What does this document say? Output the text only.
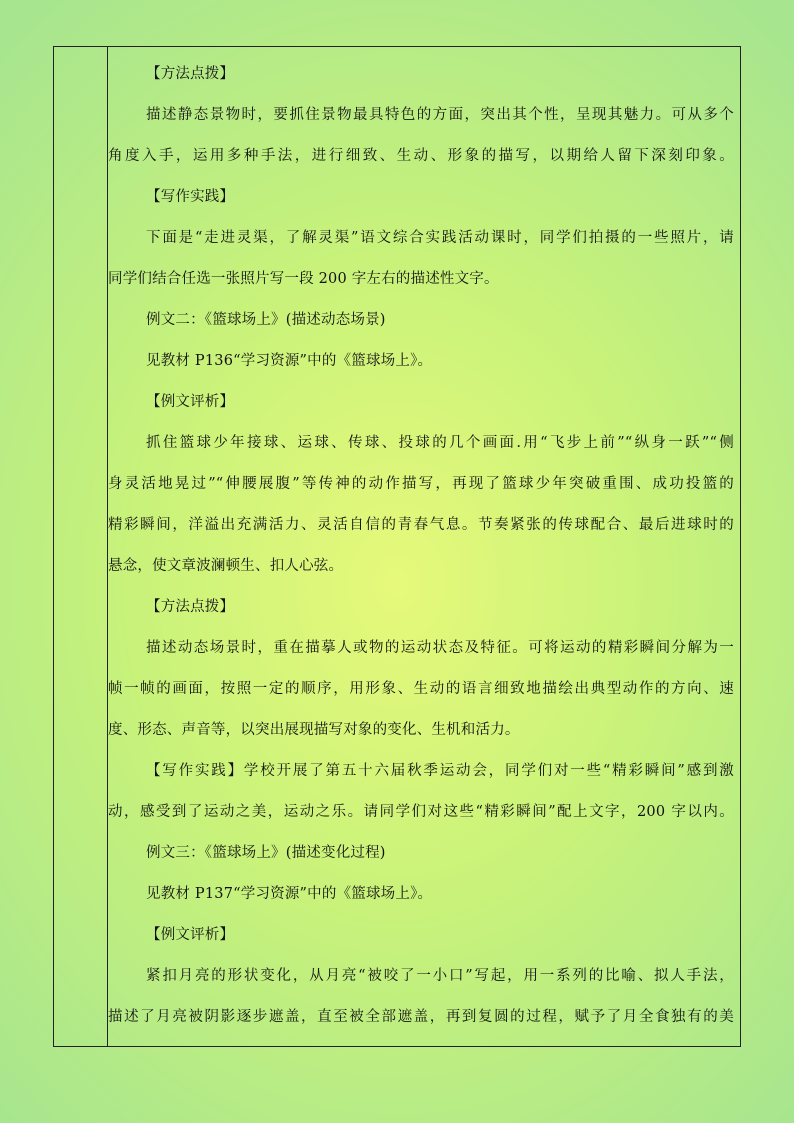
【方法点拨】
描述静态景物时，要抓住景物最具特色的方面，突出其个性，呈现其魅力。可从多个
角度入手，运用多种手法，进行细致、生动、形象的描写，以期给人留下深刻印象。
【写作实践】
下面是“走进灵渠，了解灵渠”语文综合实践活动课时，同学们拍摄的一些照片，请
同学们结合任选一张照片写一段 200 字左右的描述性文字。
例文二：《篮球场上》(描述动态场景)
见教材 P136“学习资源”中的《篮球场上》。
【例文评析】
抓住篮球少年接球、运球、传球、投球的几个画面.用“飞步上前”“纵身一跃”“侧
身灵活地晃过”“伸腰展腹”等传神的动作描写，再现了篮球少年突破重围、成功投篮的
精彩瞬间，洋溢出充满活力、灵活自信的青春气息。节奏紧张的传球配合、最后进球时的
悬念，使文章波澜顿生、扣人心弦。
【方法点拨】
描述动态场景时，重在描摹人或物的运动状态及特征。可将运动的精彩瞬间分解为一
帧一帧的画面，按照一定的顺序，用形象、生动的语言细致地描绘出典型动作的方向、速
度、形态、声音等，以突出展现描写对象的变化、生机和活力。
【写作实践】学校开展了第五十六届秋季运动会，同学们对一些“精彩瞬间”感到激
动，感受到了运动之美，运动之乐。请同学们对这些“精彩瞬间”配上文字，200 字以内。
例文三：《篮球场上》(描述变化过程)
见教材 P137“学习资源”中的《篮球场上》。
【例文评析】
紧扣月亮的形状变化，从月亮“被咬了一小口”写起，用一系列的比喻、拟人手法，
描述了月亮被阴影逐步遮盖，直至被全部遮盖，再到复圆的过程，赋予了月全食独有的美
